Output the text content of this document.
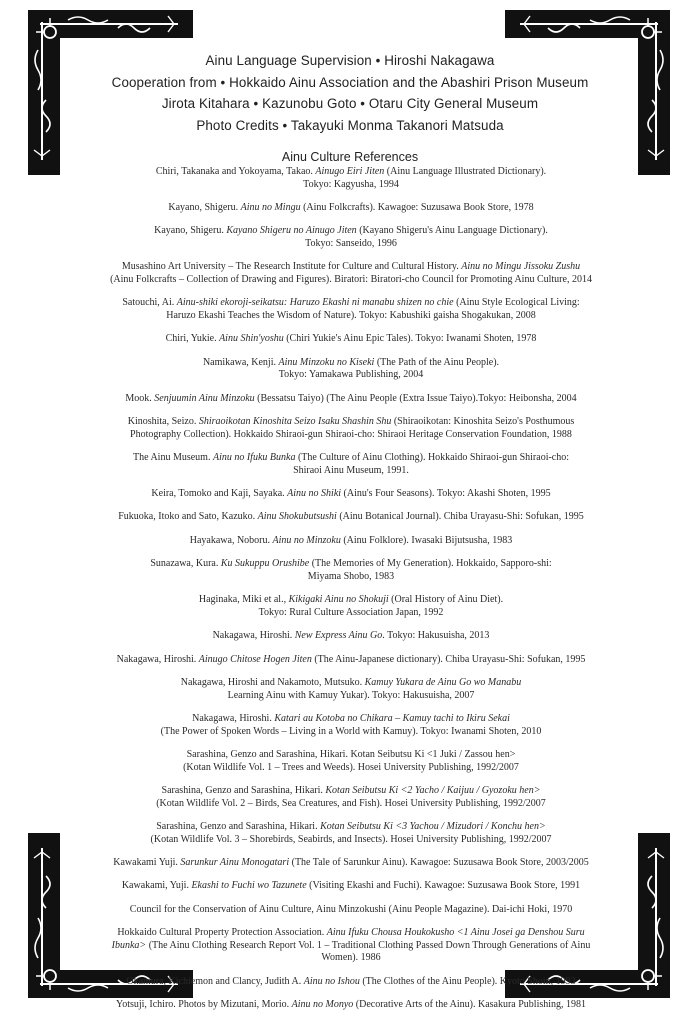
Ainu Language Supervision • Hiroshi Nakagawa
Cooperation from • Hokkaido Ainu Association and the Abashiri Prison Museum
Jirota Kitahara • Kazunobu Goto • Otaru City General Museum
Photo Credits • Takayuki Monma Takanori Matsuda
Ainu Culture References

Chiri, Takanaka and Yokoyama, Takao. Ainugo Eiri Jiten (Ainu Language Illustrated Dictionary).
Tokyo: Kagyusha, 1994

Kayano, Shigeru. Ainu no Mingu (Ainu Folkcrafts). Kawagoe: Suzusawa Book Store, 1978

Kayano, Shigeru. Kayano Shigeru no Ainugo Jiten (Kayano Shigeru's Ainu Language Dictionary).
Tokyo: Sanseido, 1996

Musashino Art University – The Research Institute for Culture and Cultural History. Ainu no Mingu Jissoku Zushu
(Ainu Folkcrafts – Collection of Drawing and Figures). Biratori: Biratori-cho Council for Promoting Ainu Culture, 2014

Satouchi, Ai. Ainu-shiki ekoroji-seikatsu: Haruzo Ekashi ni manabu shizen no chie (Ainu Style Ecological Living:
Haruzo Ekashi Teaches the Wisdom of Nature). Tokyo: Kabushiki gaisha Shogakukan, 2008

Chiri, Yukie. Ainu Shin'yoshu (Chiri Yukie's Ainu Epic Tales). Tokyo: Iwanami Shoten, 1978

Namikawa, Kenji. Ainu Minzoku no Kiseki (The Path of the Ainu People).
Tokyo: Yamakawa Publishing, 2004

Mook. Senjuumin Ainu Minzoku (Bessatsu Taiyo) (The Ainu People (Extra Issue Taiyo).Tokyo: Heibonsha, 2004

Kinoshita, Seizo. Shiraoikotan Kinoshita Seizo Isaku Shashin Shu (Shiraoikotan: Kinoshita Seizo's Posthumous
Photography Collection). Hokkaido Shiraoi-gun Shiraoi-cho: Shiraoi Heritage Conservation Foundation, 1988

The Ainu Museum. Ainu no Ifuku Bunka (The Culture of Ainu Clothing). Hokkaido Shiraoi-gun Shiraoi-cho:
Shiraoi Ainu Museum, 1991.

Keira, Tomoko and Kaji, Sayaka. Ainu no Shiki (Ainu's Four Seasons). Tokyo: Akashi Shoten, 1995

Fukuoka, Itoko and Sato, Kazuko. Ainu Shokubutsushi (Ainu Botanical Journal). Chiba Urayasu-Shi: Sofukan, 1995

Hayakawa, Noboru. Ainu no Minzoku (Ainu Folklore). Iwasaki Bijutsusha, 1983

Sunazawa, Kura. Ku Sukuppu Orushibe (The Memories of My Generation). Hokkaido, Sapporo-shi:
Miyama Shobo, 1983

Haginaka, Miki et al., Kikigaki Ainu no Shokuji (Oral History of Ainu Diet).
Tokyo: Rural Culture Association Japan, 1992

Nakagawa, Hiroshi. New Express Ainu Go. Tokyo: Hakusuisha, 2013

Nakagawa, Hiroshi. Ainugo Chitose Hogen Jiten (The Ainu-Japanese dictionary). Chiba Urayasu-Shi: Sofukan, 1995

Nakagawa, Hiroshi and Nakamoto, Mutsuko. Kamuy Yukara de Ainu Go wo Manabu
Learning Ainu with Kamuy Yukar). Tokyo: Hakusuisha, 2007

Nakagawa, Hiroshi. Katari au Kotoba no Chikara – Kamuy tachi to Ikiru Sekai
(The Power of Spoken Words – Living in a World with Kamuy). Tokyo: Iwanami Shoten, 2010

Sarashina, Genzo and Sarashina, Hikari. Kotan Seibutsu Ki <1 Juki / Zassou hen>
(Kotan Wildlife Vol. 1 – Trees and Weeds). Hosei University Publishing, 1992/2007

Sarashina, Genzo and Sarashina, Hikari. Kotan Seibutsu Ki <2 Yacho / Kaijuu / Gyozoku hen>
(Kotan Wildlife Vol. 2 – Birds, Sea Creatures, and Fish). Hosei University Publishing, 1992/2007

Sarashina, Genzo and Sarashina, Hikari. Kotan Seibutsu Ki <3 Yachou / Mizudori / Konchu hen>
(Kotan Wildlife Vol. 3 – Shorebirds, Seabirds, and Insects). Hosei University Publishing, 1992/2007

Kawakami Yuji. Sarunkur Ainu Monogatari (The Tale of Sarunkur Ainu). Kawagoe: Suzusawa Book Store, 2003/2005

Kawakami, Yuji. Ekashi to Fuchi wo Tazunete (Visiting Ekashi and Fuchi). Kawagoe: Suzusawa Book Store, 1991

Council for the Conservation of Ainu Culture, Ainu Minzokushi (Ainu People Magazine). Dai-ichi Hoki, 1970

Hokkaido Cultural Property Protection Association. Ainu Ifuku Chousa Houkokusho <1 Ainu Josei ga Denshou Suru
Ibunka> (The Ainu Clothing Research Report Vol. 1 – Traditional Clothing Passed Down Through Generations of Ainu
Women). 1986

Okamura, Kichiemon and Clancy, Judith A. Ainu no Ishou (The Clothes of the Ainu People). Kyoto Shoin, 1993

Yotsuji, Ichiro. Photos by Mizutani, Morio. Ainu no Monyo (Decorative Arts of the Ainu). Kasakura Publishing, 1981
